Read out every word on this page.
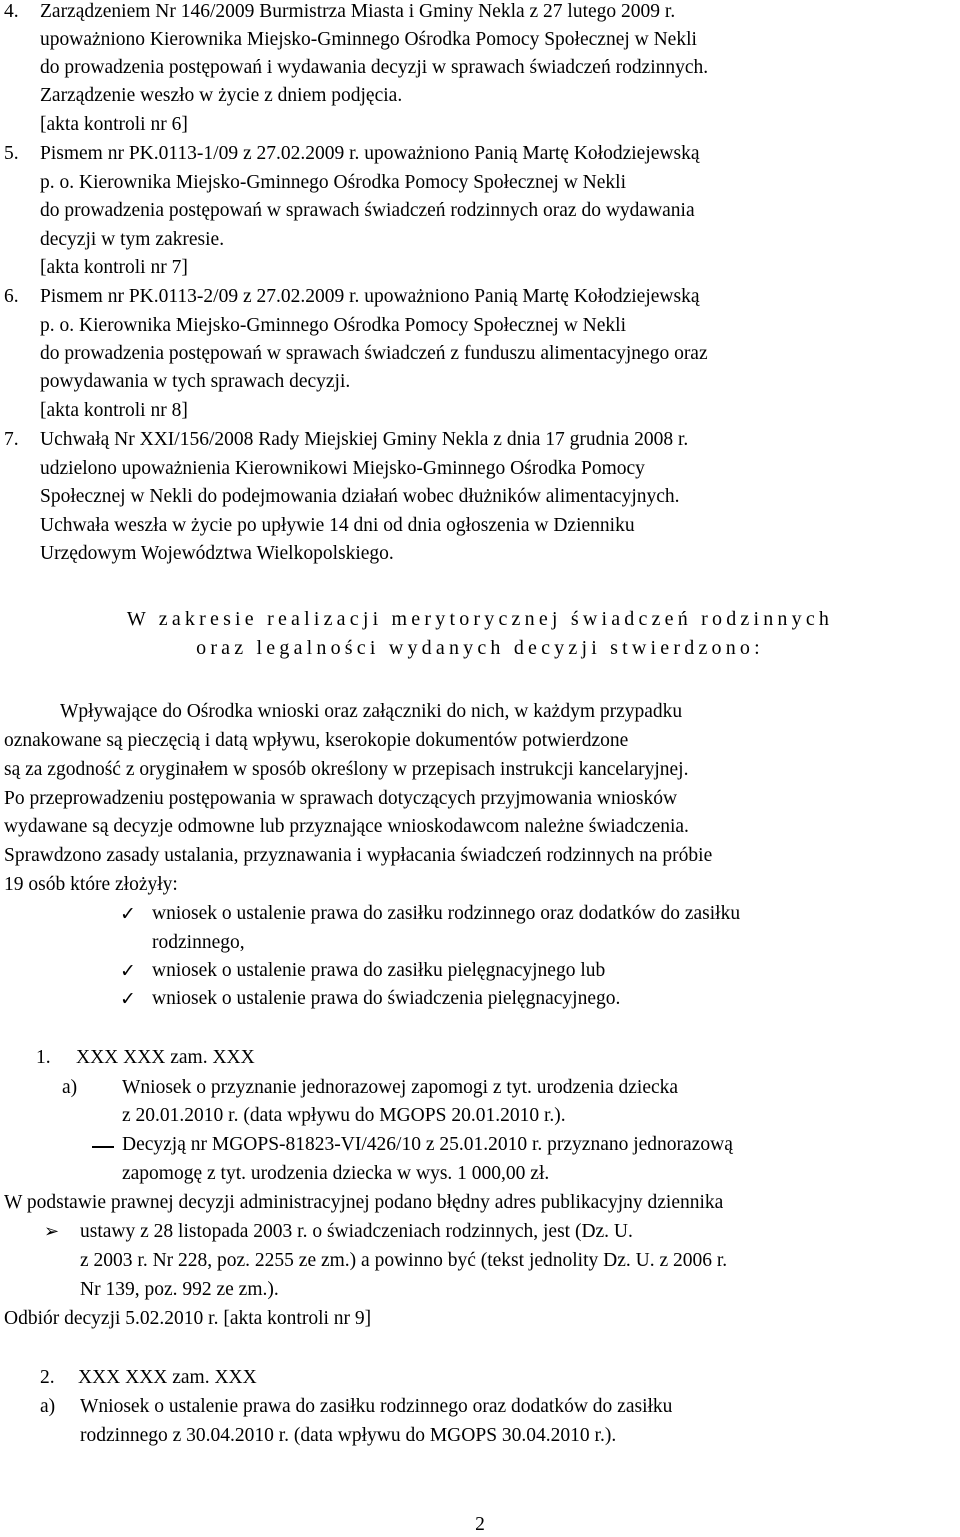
4. Zarządzeniem Nr 146/2009 Burmistrza Miasta i Gminy Nekla z 27 lutego 2009 r.
upoważniono Kierownika Miejsko-Gminnego Ośrodka Pomocy Społecznej w Nekli
do prowadzenia postępowań i wydawania decyzji w sprawach świadczeń rodzinnych.
Zarządzenie weszło w życie z dniem podjęcia.
[akta kontroli nr 6]
5. Pismem nr PK.0113-1/09 z 27.02.2009 r. upoważniono Panią Martę Kołodziejewską
p. o. Kierownika Miejsko-Gminnego Ośrodka Pomocy Społecznej w Nekli
do prowadzenia postępowań w sprawach świadczeń rodzinnych oraz do wydawania
decyzji w tym zakresie.
[akta kontroli nr 7]
6. Pismem nr PK.0113-2/09 z 27.02.2009 r. upoważniono Panią Martę Kołodziejewską
p. o. Kierownika Miejsko-Gminnego Ośrodka Pomocy Społecznej w Nekli
do prowadzenia postępowań w sprawach świadczeń z funduszu alimentacyjnego oraz
powydawania w tych sprawach decyzji.
[akta kontroli nr 8]
7. Uchwałą Nr XXI/156/2008 Rady Miejskiej Gminy Nekla z dnia 17 grudnia 2008 r.
udzielono upoważnienia Kierownikowi Miejsko-Gminnego Ośrodka Pomocy
Społecznej w Nekli do podejmowania działań wobec dłużników alimentacyjnych.
Uchwała weszła w życie po upływie 14 dni od dnia ogłoszenia w Dzienniku
Urzędowym Województwa Wielkopolskiego.
W zakresie realizacji merytorycznej świadczeń rodzinnych
oraz legalności wydanych decyzji stwierdzono:
Wpływające do Ośrodka wnioski oraz załączniki do nich, w każdym przypadku
oznakowane są pieczęcią i datą wpływu, kserokopie dokumentów potwierdzone
są za zgodność z oryginałem w sposób określony w przepisach instrukcji kancelaryjnej.
Po przeprowadzeniu postępowania w sprawach dotyczących przyjmowania wniosków
wydawane są decyzje odmowne lub przyznające wnioskodawcom należne świadczenia.
Sprawdzono zasady ustalania, przyznawania i wypłacania świadczeń rodzinnych na próbie
19 osób które złożyły:
✓ wniosek o ustalenie prawa do zasiłku rodzinnego oraz dodatków do zasiłku
rodzinnego,
✓ wniosek o ustalenie prawa do zasiłku pielęgnacyjnego lub
✓ wniosek o ustalenie prawa do świadczenia pielęgnacyjnego.
1. XXX XXX zam. XXX
a) Wniosek o przyznanie jednorazowej zapomogi z tyt. urodzenia dziecka
z 20.01.2010 r. (data wpływu do MGOPS 20.01.2010 r.).
Decyzją nr MGOPS-81823-VI/426/10 z 25.01.2010 r. przyznano jednorazową
zapomogę z tyt. urodzenia dziecka w wys. 1 000,00 zł.
W podstawie prawnej decyzji administracyjnej podano błędny adres publikacyjny dziennika
➢ ustawy z 28 listopada 2003 r. o świadczeniach rodzinnych, jest (Dz. U.
z 2003 r. Nr 228, poz. 2255 ze zm.) a powinno być (tekst jednolity Dz. U. z 2006 r.
Nr 139, poz. 992 ze zm.).
Odbiór decyzji 5.02.2010 r. [akta kontroli nr 9]
2. XXX XXX zam. XXX
a) Wniosek o ustalenie prawa do zasiłku rodzinnego oraz dodatków do zasiłku
rodzinnego z 30.04.2010 r. (data wpływu do MGOPS 30.04.2010 r.).
2
